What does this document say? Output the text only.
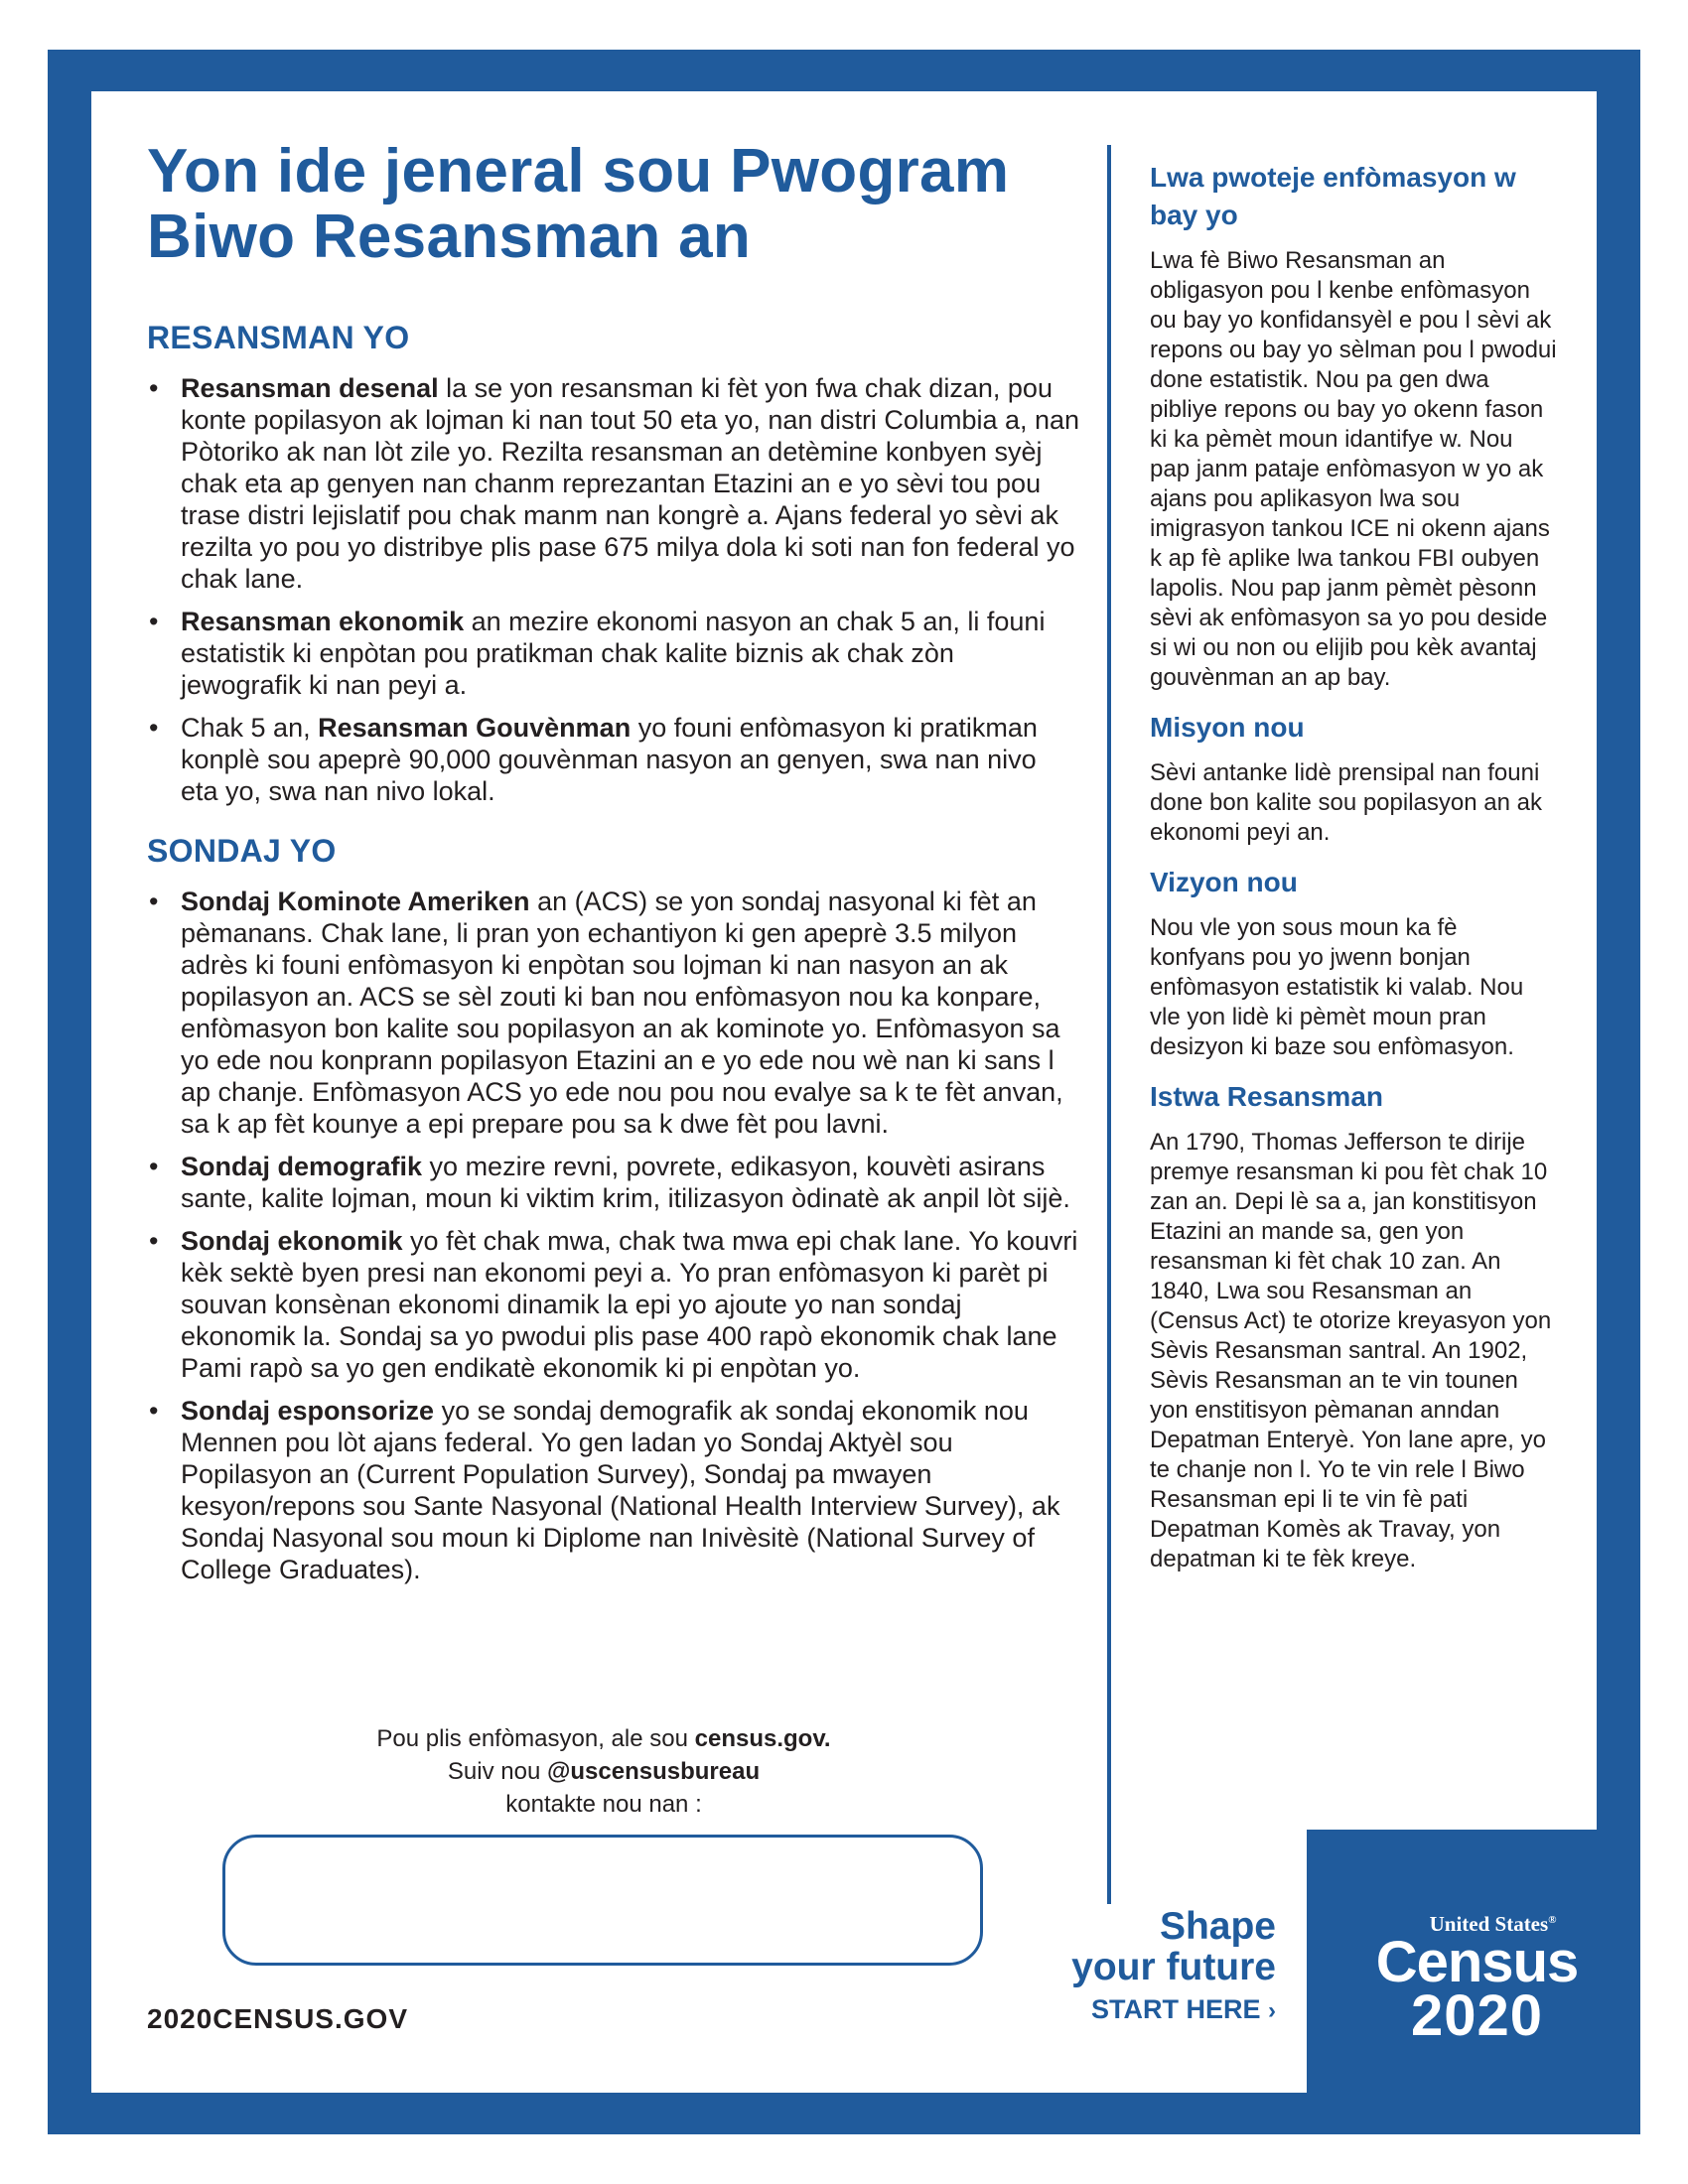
Yon ide jeneral sou Pwogram Biwo Resansman an
RESANSMAN YO
• Resansman desenal la se yon resansman ki fèt yon fwa chak dizan, pou konte popilasyon ak lojman ki nan tout 50 eta yo, nan distri Columbia a, nan Pòtoriko ak nan lòt zile yo. Rezilta resansman an detèmine konbyen syèj chak eta ap genyen nan chanm reprezantan Etazini an e yo sèvi tou pou trase distri lejislatif pou chak manm nan kongrè a. Ajans federal yo sèvi ak rezilta yo pou yo distribye plis pase 675 milya dola ki soti nan fon federal yo chak lane.
• Resansman ekonomik an mezire ekonomi nasyon an chak 5 an, li founi estatistik ki enpòtan pou pratikman chak kalite biznis ak chak zòn jewografik ki nan peyi a.
• Chak 5 an, Resansman Gouvènman yo founi enfòmasyon ki pratikman konplè sou apeprè 90,000 gouvènman nasyon an genyen, swa nan nivo eta yo, swa nan nivo lokal.
SONDAJ YO
• Sondaj Kominote Ameriken an (ACS) se yon sondaj nasyonal ki fèt an pèmanans. Chak lane, li pran yon echantiyon ki gen apeprè 3.5 milyon adrès ki founi enfòmasyon ki enpòtan sou lojman ki nan nasyon an ak popilasyon an. ACS se sèl zouti ki ban nou enfòmasyon nou ka konpare, enfòmasyon bon kalite sou popilasyon an ak kominote yo. Enfòmasyon sa yo ede nou konprann popilasyon Etazini an e yo ede nou wè nan ki sans l ap chanje. Enfòmasyon ACS yo ede nou pou nou evalye sa k te fèt anvan, sa k ap fèt kounye a epi prepare pou sa k dwe fèt pou lavni.
• Sondaj demografik yo mezire revni, povrete, edikasyon, kouvèti asirans sante, kalite lojman, moun ki viktim krim, itilizasyon òdinatè ak anpil lòt sijè.
• Sondaj ekonomik yo fèt chak mwa, chak twa mwa epi chak lane. Yo kouvri kèk sektè byen presi nan ekonomi peyi a. Yo pran enfòmasyon ki parèt pi souvan konsènan ekonomi dinamik la epi yo ajoute yo nan sondaj ekonomik la. Sondaj sa yo pwodui plis pase 400 rapò ekonomik chak lane Pami rapò sa yo gen endikatè ekonomik ki pi enpòtan yo.
• Sondaj esponsorize yo se sondaj demografik ak sondaj ekonomik nou Mennen pou lòt ajans federal. Yo gen ladan yo Sondaj Aktyèl sou Popilasyon an (Current Population Survey), Sondaj pa mwayen kesyon/repons sou Sante Nasyonal (National Health Interview Survey), ak Sondaj Nasyonal sou moun ki Diplome nan Inivèsitè (National Survey of College Graduates).
Pou plis enfòmasyon, ale sou census.gov.
Suiv nou @uscensusbureau
kontakte nou nan :
2020CENSUS.GOV
Lwa pwoteje enfòmasyon w bay yo

Lwa fè Biwo Resansman an obligasyon pou l kenbe enfòmasyon ou bay yo konfidansyèl e pou l sèvi ak repons ou bay yo sèlman pou l pwodui done estatistik. Nou pa gen dwa pibliye repons ou bay yo okenn fason ki ka pèmèt moun idantifye w. Nou pap janm pataje enfòmasyon w yo ak ajans pou aplikasyon lwa sou imigrasyon tankou ICE ni okenn ajans k ap fè aplike lwa tankou FBI oubyen lapolis. Nou pap janm pèmèt pèsonn sèvi ak enfòmasyon sa yo pou deside si wi ou non ou elijib pou kèk avantaj gouvènman an ap bay.

Misyon nou

Sèvi antanke lidè prensipal nan founi done bon kalite sou popilasyon an ak ekonomi peyi an.

Vizyon nou

Nou vle yon sous moun ka fè konfyans pou yo jwenn bonjan enfòmasyon estatistik ki valab. Nou vle yon lidè ki pèmèt moun pran desizyon ki baze sou enfòmasyon.

Istwa Resansman

An 1790, Thomas Jefferson te dirije premye resansman ki pou fèt chak 10 zan an. Depi lè sa a, jan konstitisyon Etazini an mande sa, gen yon resansman ki fèt chak 10 zan. An 1840, Lwa sou Resansman an (Census Act) te otorize kreyasyon yon Sèvis Resansman santral. An 1902, Sèvis Resansman an te vin tounen yon enstitisyon pèmanan anndan Depatman Enteryè. Yon lane apre, yo te chanje non l. Yo te vin rele l Biwo Resansman epi li te vin fè pati Depatman Komès ak Travay, yon depatman ki te fèk kreye.

Shape
your future
START HERE ›
United States®
Census
2020
